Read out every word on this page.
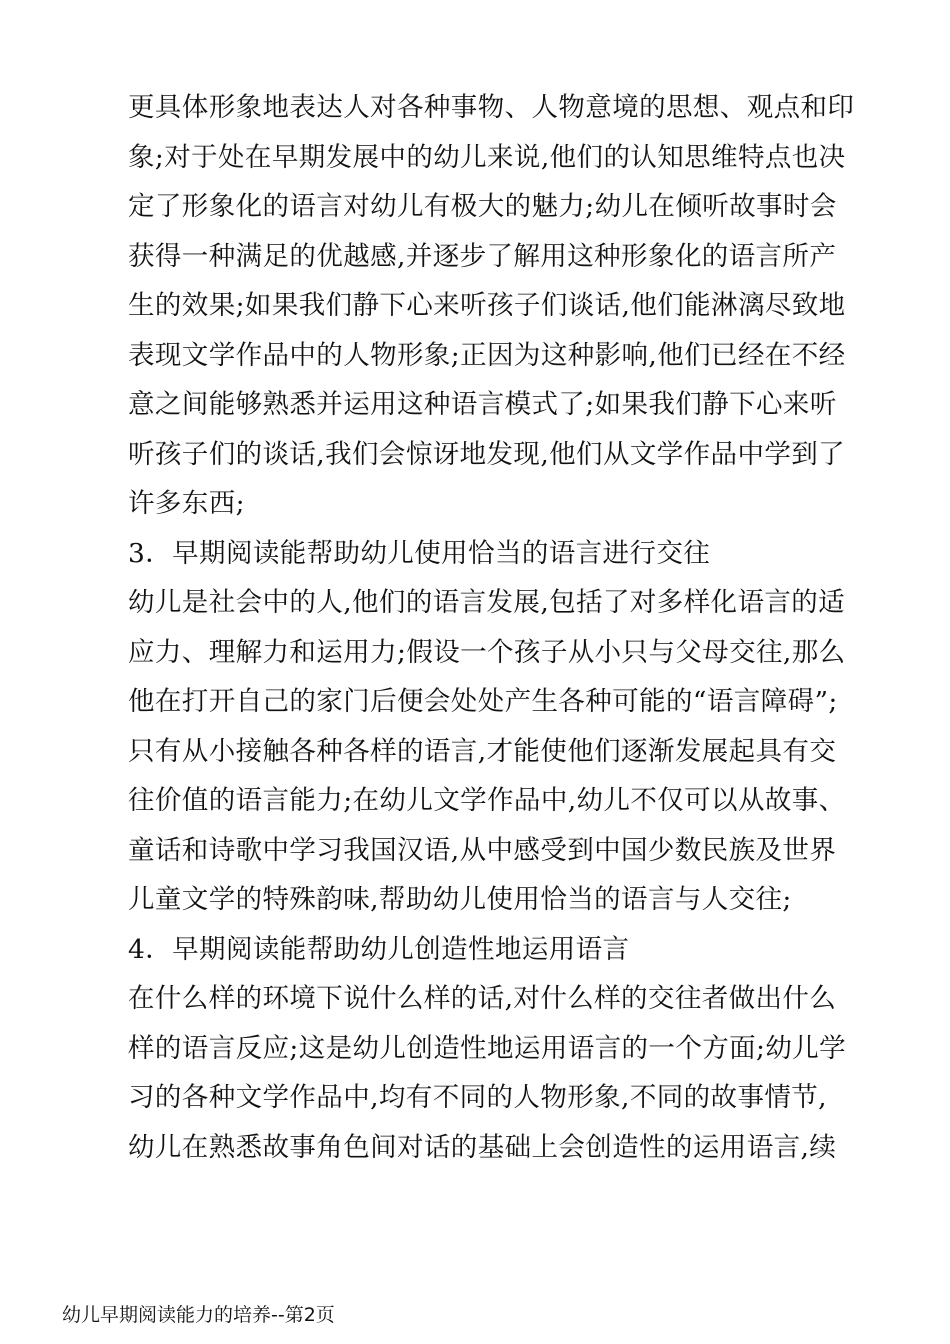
更具体形象地表达人对各种事物、人物意境的思想、观点和印
象;对于处在早期发展中的幼儿来说,他们的认知思维特点也决
定了形象化的语言对幼儿有极大的魅力;幼儿在倾听故事时会
获得一种满足的优越感,并逐步了解用这种形象化的语言所产
生的效果;如果我们静下心来听孩子们谈话,他们能淋漓尽致地
表现文学作品中的人物形象;正因为这种影响,他们已经在不经
意之间能够熟悉并运用这种语言模式了;如果我们静下心来听
听孩子们的谈话,我们会惊讶地发现,他们从文学作品中学到了
许多东西;
3．早期阅读能帮助幼儿使用恰当的语言进行交往
幼儿是社会中的人,他们的语言发展,包括了对多样化语言的适
应力、理解力和运用力;假设一个孩子从小只与父母交往,那么
他在打开自己的家门后便会处处产生各种可能的“语言障碍”;
只有从小接触各种各样的语言,才能使他们逐渐发展起具有交
往价值的语言能力;在幼儿文学作品中,幼儿不仅可以从故事、
童话和诗歌中学习我国汉语,从中感受到中国少数民族及世界
儿童文学的特殊韵味,帮助幼儿使用恰当的语言与人交往;
4．早期阅读能帮助幼儿创造性地运用语言
在什么样的环境下说什么样的话,对什么样的交往者做出什么
样的语言反应;这是幼儿创造性地运用语言的一个方面;幼儿学
习的各种文学作品中,均有不同的人物形象,不同的故事情节,
幼儿在熟悉故事角色间对话的基础上会创造性的运用语言,续
幼儿早期阅读能力的培养--第2页
